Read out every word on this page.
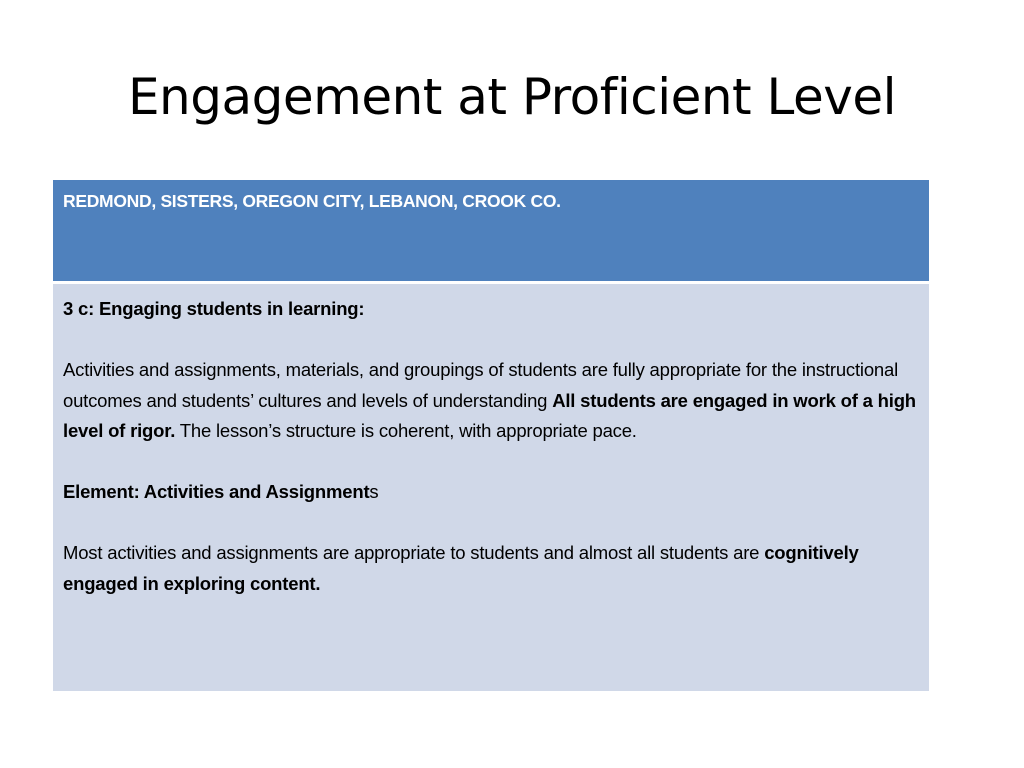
Engagement at Proficient Level
REDMOND, SISTERS, OREGON CITY, LEBANON, CROOK CO.

3 c: Engaging students in learning:

Activities and assignments, materials, and groupings of students are fully appropriate for the instructional outcomes and students’ cultures and levels of understanding All students are engaged in work of a high level of rigor. The lesson’s structure is coherent, with appropriate pace.

Element: Activities and Assignments

Most activities and assignments are appropriate to students and almost all students are cognitively engaged in exploring content.
